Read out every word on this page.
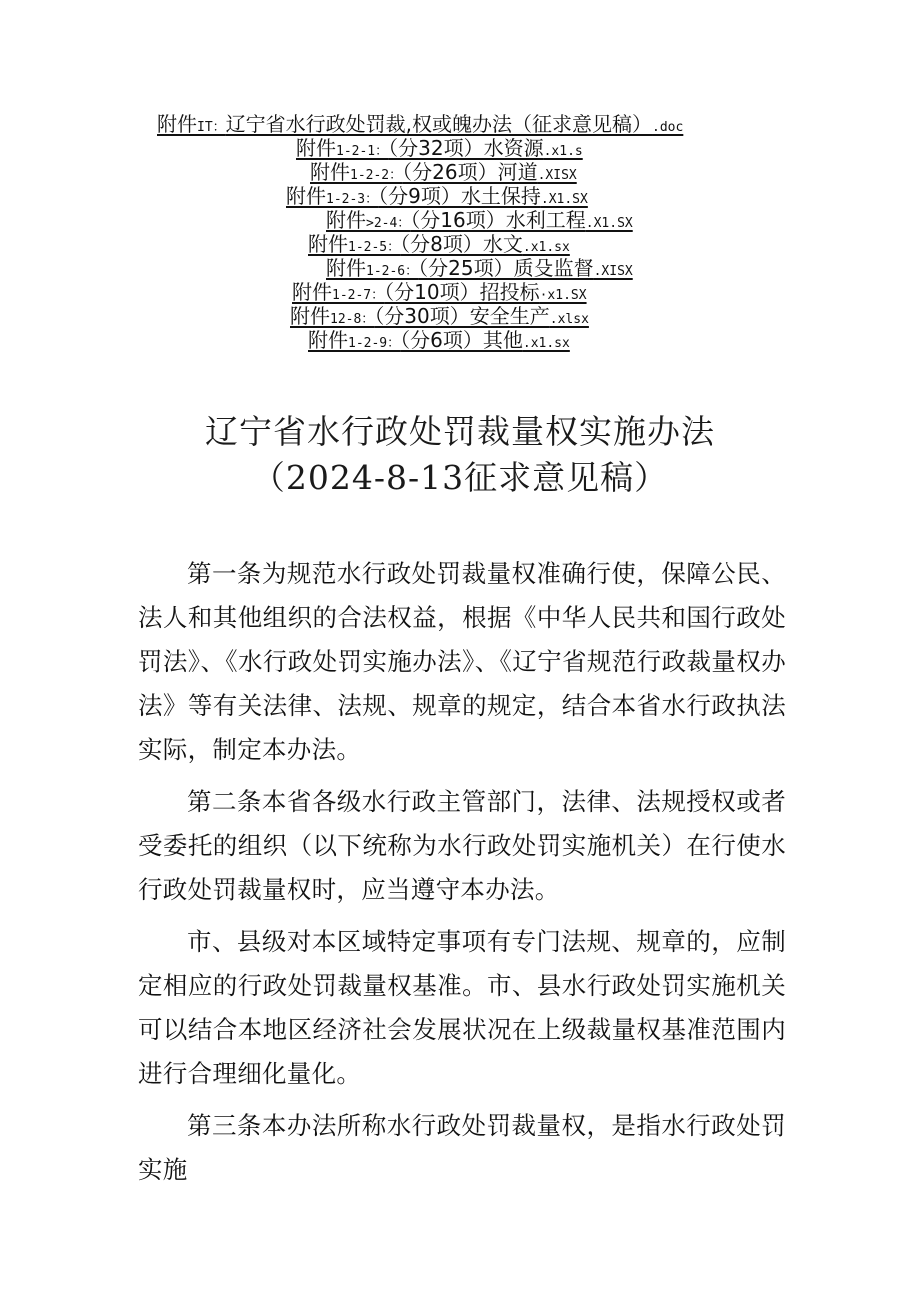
附件IT：辽宁省水行政处罚裁,权或魄办法（征求意见稿）.doc
附件1-2-1：（分32项）水资源.x1.s
附件1-2-2：（分26项）河道.XISX
附件1-2-3：（分9项）水土保持.X1.SX
附件>2-4：（分16项）水利工程.X1.SX
附件1-2-5：（分8项）水文.x1.sx
附件1-2-6：（分25项）质殳监督.XISX
附件1-2-7：（分10项）招投标·x1.SX
附件12-8：（分30项）安全生产.xlsx
附件1-2-9：（分6项）其他.x1.sx
辽宁省水行政处罚裁量权实施办法
（2024-8-13征求意见稿）

第一条为规范水行政处罚裁量权准确行使，保障公民、法人和其他组织的合法权益，根据《中华人民共和国行政处罚法》、《水行政处罚实施办法》、《辽宁省规范行政裁量权办法》等有关法律、法规、规章的规定，结合本省水行政执法实际，制定本办法。

第二条本省各级水行政主管部门，法律、法规授权或者受委托的组织（以下统称为水行政处罚实施机关）在行使水行政处罚裁量权时，应当遵守本办法。

市、县级对本区域特定事项有专门法规、规章的，应制定相应的行政处罚裁量权基准。市、县水行政处罚实施机关可以结合本地区经济社会发展状况在上级裁量权基准范围内进行合理细化量化。

第三条本办法所称水行政处罚裁量权，是指水行政处罚实施
